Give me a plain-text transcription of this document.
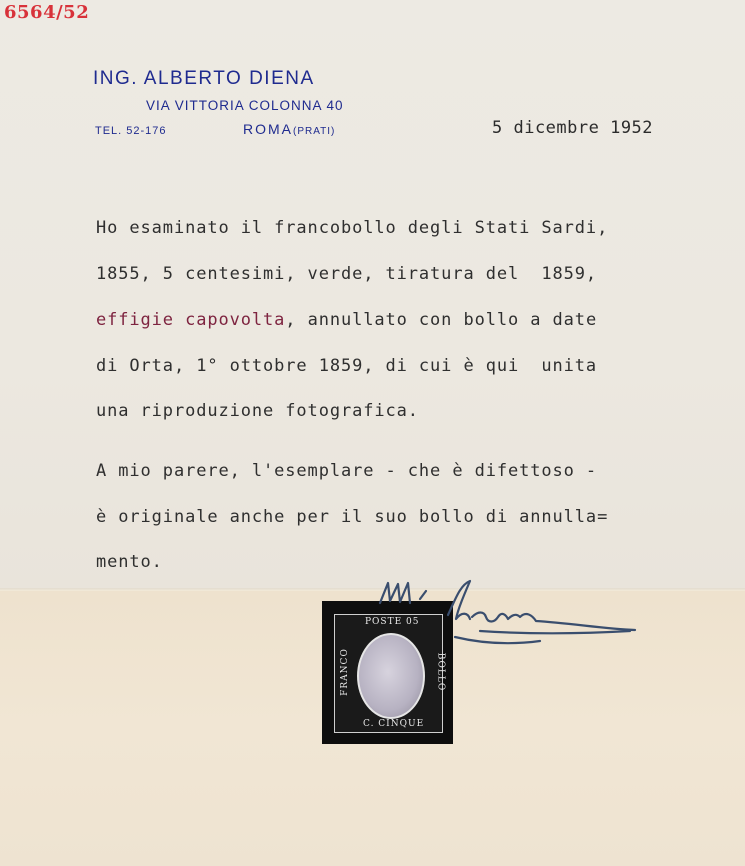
6564/52
ING. ALBERTO DIENA
VIA VITTORIA COLONNA 40
TEL. 52-176	ROMA(PRATI)	5 dicembre 1952
Ho esaminato il francobollo degli Stati Sardi,
1855, 5 centesimi, verde, tiratura del  1859,
effigie capovolta, annullato con bollo a date
di Orta, 1° ottobre 1859, di cui è qui  unita
una riproduzione fotografica.
A mio parere, l'esemplare - che è difettoso -
è originale anche per il suo bollo di annulla=
mento.
POSTE 05
FRANCO	BOLLO
C. CINQUE
